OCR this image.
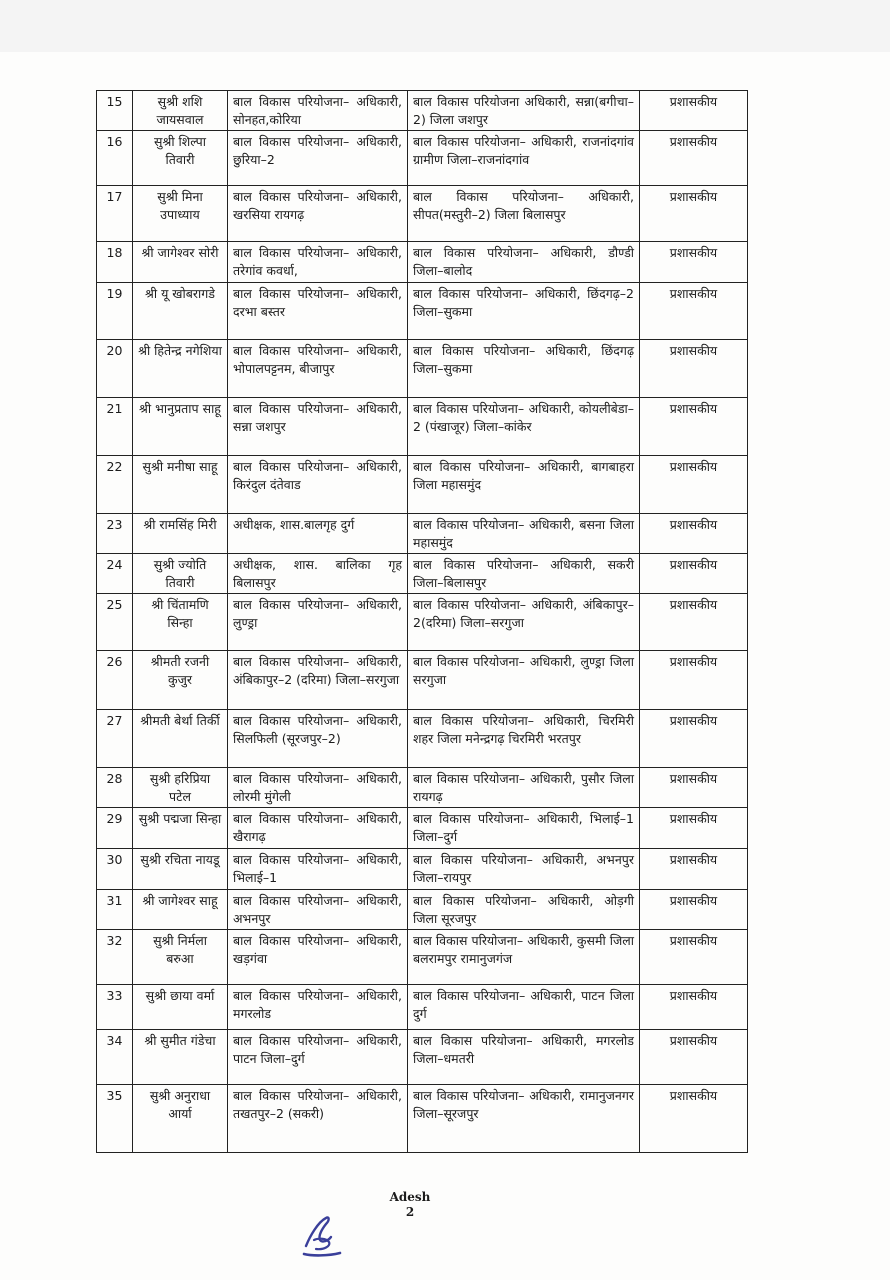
15	सुश्री शशि जायसवाल	बाल विकास परियोजना– अधिकारी, सोनहत,कोरिया	बाल विकास परियोजना अधिकारी, सन्ना(बगीचा–2) जिला जशपुर	प्रशासकीय
16	सुश्री शिल्पा तिवारी	बाल विकास परियोजना– अधिकारी, छुरिया–2	बाल विकास परियोजना– अधिकारी, राजनांदगांव ग्रामीण जिला–राजनांदगांव	प्रशासकीय
17	सुश्री मिना उपाध्याय	बाल विकास परियोजना– अधिकारी, खरसिया रायगढ़	बाल विकास परियोजना– अधिकारी, सीपत(मस्तुरी–2) जिला बिलासपुर	प्रशासकीय
18	श्री जागेश्वर सोरी	बाल विकास परियोजना– अधिकारी, तरेगांव कवर्धा,	बाल विकास परियोजना– अधिकारी, डौण्डी जिला–बालोद	प्रशासकीय
19	श्री यू खोबरागडे	बाल विकास परियोजना– अधिकारी, दरभा बस्तर	बाल विकास परियोजना– अधिकारी, छिंदगढ़–2 जिला–सुकमा	प्रशासकीय
20	श्री हितेन्द्र नगेशिया	बाल विकास परियोजना– अधिकारी, भोपालपट्टनम, बीजापुर	बाल विकास परियोजना– अधिकारी, छिंदगढ़ जिला–सुकमा	प्रशासकीय
21	श्री भानुप्रताप साहू	बाल विकास परियोजना– अधिकारी, सन्ना जशपुर	बाल विकास परियोजना– अधिकारी, कोयलीबेडा–2 (पंखाजूर) जिला–कांकेर	प्रशासकीय
22	सुश्री मनीषा साहू	बाल विकास परियोजना– अधिकारी, किरंदुल दंतेवाड	बाल विकास परियोजना– अधिकारी, बागबाहरा जिला महासमुंद	प्रशासकीय
23	श्री रामसिंह मिरी	अधीक्षक, शास.बालगृह दुर्ग	बाल विकास परियोजना– अधिकारी, बसना जिला महासमुंद	प्रशासकीय
24	सुश्री ज्योति तिवारी	अधीक्षक, शास. बालिका गृह बिलासपुर	बाल विकास परियोजना– अधिकारी, सकरी जिला–बिलासपुर	प्रशासकीय
25	श्री चिंतामणि सिन्हा	बाल विकास परियोजना– अधिकारी, लुण्ड्रा	बाल विकास परियोजना– अधिकारी, अंबिकापुर–2(दरिमा) जिला–सरगुजा	प्रशासकीय
26	श्रीमती रजनी कुजुर	बाल विकास परियोजना– अधिकारी, अंबिकापुर–2 (दरिमा) जिला–सरगुजा	बाल विकास परियोजना– अधिकारी, लुण्ड्रा जिला सरगुजा	प्रशासकीय
27	श्रीमती बेर्था तिर्की	बाल विकास परियोजना– अधिकारी, सिलफिली (सूरजपुर–2)	बाल विकास परियोजना– अधिकारी, चिरमिरी शहर जिला मनेन्द्रगढ़ चिरमिरी भरतपुर	प्रशासकीय
28	सुश्री हरिप्रिया पटेल	बाल विकास परियोजना– अधिकारी, लोरमी मुंगेली	बाल विकास परियोजना– अधिकारी, पुसौर जिला रायगढ़	प्रशासकीय
29	सुश्री पद्मजा सिन्हा	बाल विकास परियोजना– अधिकारी, खैरागढ़	बाल विकास परियोजना– अधिकारी, भिलाई–1 जिला–दुर्ग	प्रशासकीय
30	सुश्री रचिता नायडू	बाल विकास परियोजना– अधिकारी, भिलाई–1	बाल विकास परियोजना– अधिकारी, अभनपुर जिला–रायपुर	प्रशासकीय
31	श्री जागेश्वर साहू	बाल विकास परियोजना– अधिकारी, अभनपुर	बाल विकास परियोजना– अधिकारी, ओड़गी जिला सूरजपुर	प्रशासकीय
32	सुश्री निर्मला बरुआ	बाल विकास परियोजना– अधिकारी, खड़गंवा	बाल विकास परियोजना– अधिकारी, कुसमी जिला बलरामपुर रामानुजगंज	प्रशासकीय
33	सुश्री छाया वर्मा	बाल विकास परियोजना– अधिकारी, मगरलोड	बाल विकास परियोजना– अधिकारी, पाटन जिला दुर्ग	प्रशासकीय
34	श्री सुमीत गंडेचा	बाल विकास परियोजना– अधिकारी, पाटन जिला–दुर्ग	बाल विकास परियोजना– अधिकारी, मगरलोड जिला–धमतरी	प्रशासकीय
35	सुश्री अनुराधा आर्या	बाल विकास परियोजना– अधिकारी, तखतपुर–2 (सकरी)	बाल विकास परियोजना– अधिकारी, रामानुजनगर जिला–सूरजपुर	प्रशासकीय
Adesh
2
